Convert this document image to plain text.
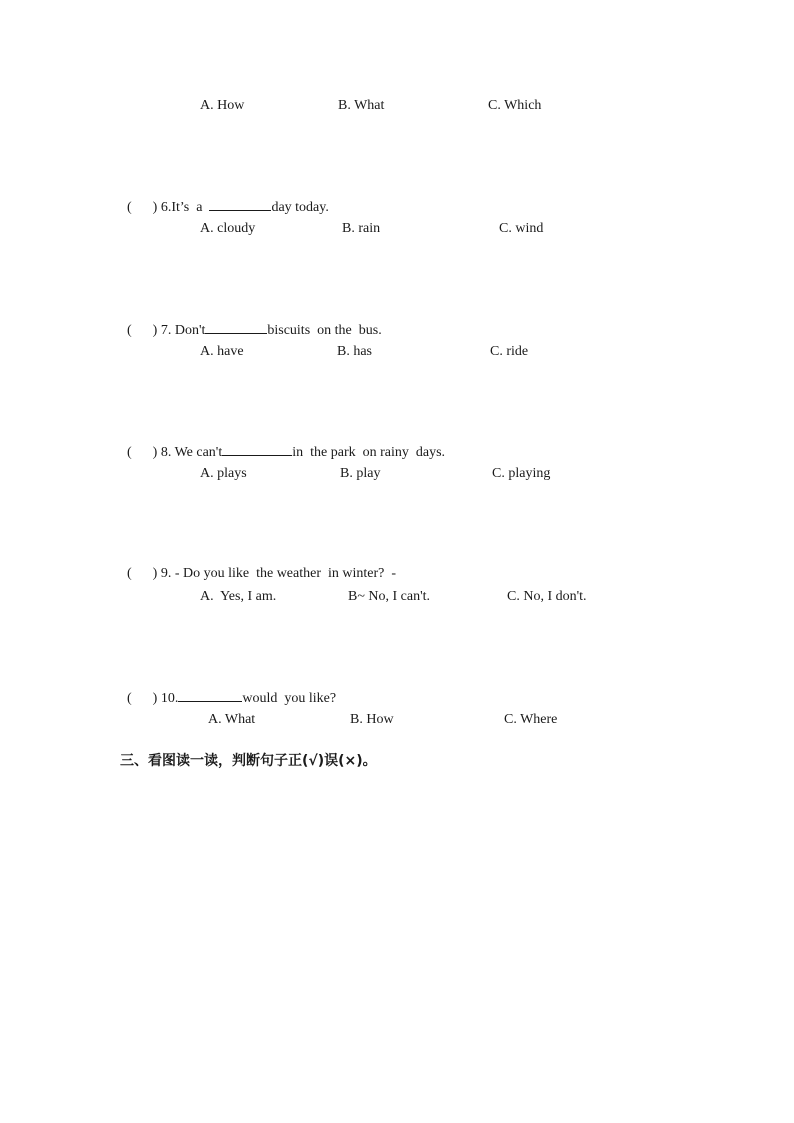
A. How	B. What	C. Which

(      ) 6.It’s  a	day today.

A. cloudy	B. rain	C. wind

(      ) 7. Don't	biscuits  on the  bus.

A. have	B. has	C. ride

(      ) 8. We can't	in  the park  on rainy  days.

A. plays	B. play	C. playing

(      ) 9. - Do you like  the weather  in winter?  -

A.  Yes, I am.	B~ No, I can't.	C. No, I don't.

(      ) 10.	would  you like?

A. What	B. How	C. Where
三、看图读一读，判断句子正(√)误(×)。
